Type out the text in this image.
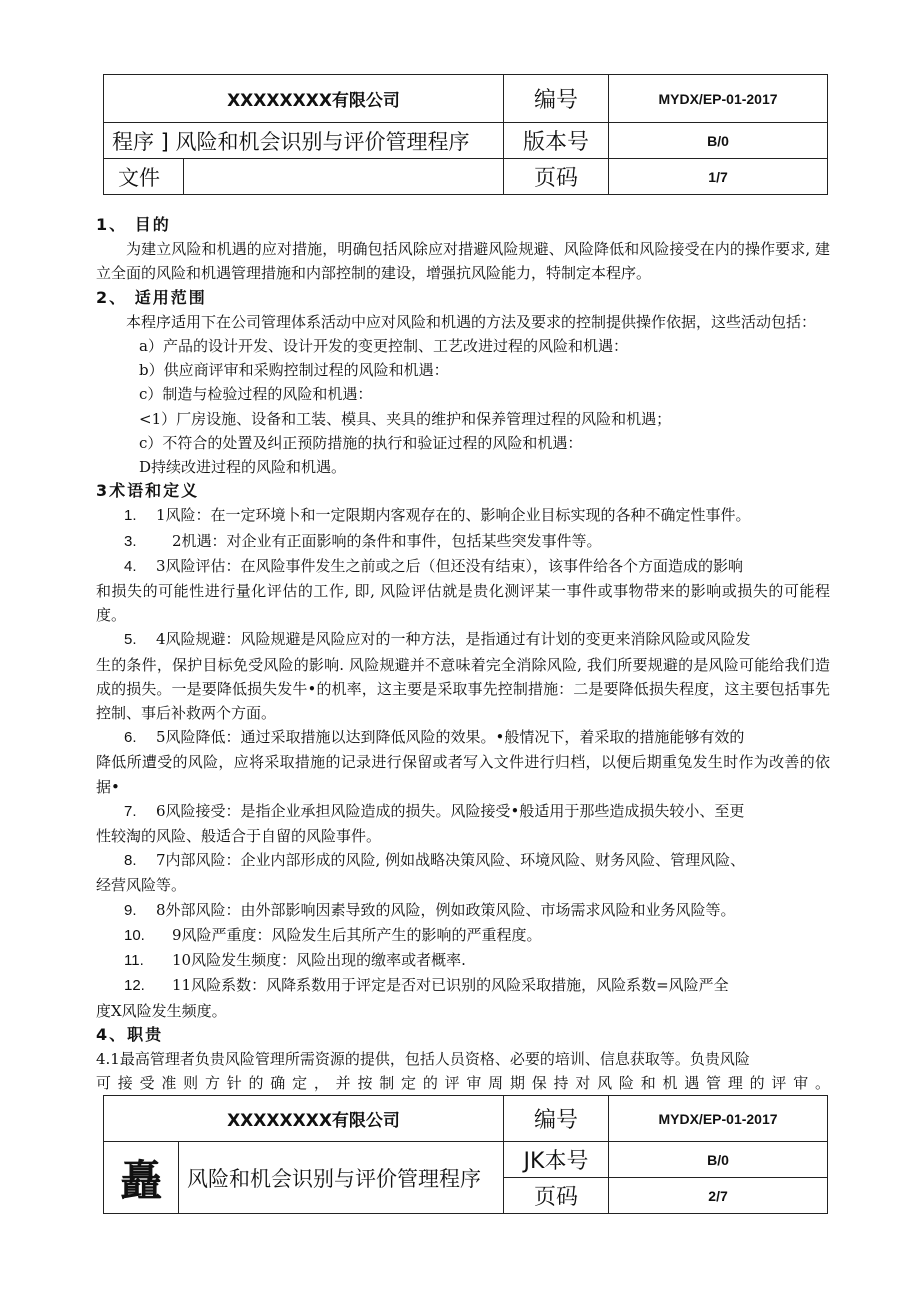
XXXXXXXX有限公司		编号	MYDX/EP-01-2017
程序 ] 风险和机会识别与评价管理程序		版本号	B/0
文件		页码	1/7

1、 目的

为建立风险和机遇的应对措施，明确包括风除应对措避风险规避、风险降低和风险接受在内的操作要求, 建立全面的风险和机遇管理措施和内部控制的建设，增强抗风险能力，特制定本程序。

2、 适用范围

本程序适用下在公司管理体系活动中应对风险和机遇的方法及要求的控制提供操作依据，这些活动包括：

a）产品的设计开发、设计开发的变更控制、工艺改进过程的风险和机遇：

b）供应商评审和采购控制过程的风险和机遇：

c）制造与检验过程的风险和机遇：

<1）厂房设施、设备和工装、模具、夹具的维护和保养管理过程的风险和机遇；

c）不符合的处置及纠正预防措施的执行和验证过程的风险和机遇：

D持续改进过程的风险和机遇。

3术语和定义

1. 1风险：在一定环境卜和一定限期内客观存在的、影响企业目标实现的各种不确定性事件。

3. 2机遇：对企业有正面影响的条件和事件，包括某些突发事件等。

4. 3风险评估：在风险事件发生之前或之后（但还没有结束），该事件给各个方面造成的影响

和损失的可能性进行量化评估的工作, 即, 风险评估就是贵化测评某一事件或事物带来的影响或损失的可能程度。

5. 4风险规避：风险规避是风险应对的一种方法，是指通过有计划的变更来消除风险或风险发

生的条件，保护目标免受风险的影响. 风险规避并不意味着完全消除风险, 我们所要规避的是风险可能给我们造成的损失。一是要降低损失发牛•的机率，这主要是采取事先控制措施：二是要降低损失程度，这主要包括事先控制、事后补救两个方面。

6. 5风险降低：通过采取措施以达到降低风险的效果。•般情况下，着采取的措施能够有效的

降低所遭受的风险，应将采取措施的记录进行保留或者写入文件进行归档，以便后期重兔发生时作为改善的依据•

7. 6风险接受：是指企业承担风险造成的损失。风险接受•般适用于那些造成损失较小、至更

性较淘的风险、般适合于自留的风险事件。

8. 7内部风险：企业内部形成的风险, 例如战略决策风险、环境风险、财务风险、管理风险、

经营风险等。

9. 8外部风险：由外部影响因素导致的风险，例如政策风险、市场需求风险和业务风险等。

10. 9风险严重度：风险发生后其所产生的影响的严重程度。

11. 10风险发生频度：风险出现的缴率或者概率.

12. 11风险系数：风降系数用于评定是否对已识别的风险采取措施，风险系数=风险严全

度X风险发生频度。

4、职贵

4.1最高管理者负贵风险管理所需资源的提供，包括人员资格、必要的培训、信息获取等。负贵风险

可接受准则方针的确定，并按制定的评审周期保持对风险和机遇管理的评审。

XXXXXXXX有限公司		编号	MYDX/EP-01-2017
矗	风险和机会识别与评价管理程序	JK本号	B/0
		页码	2/7
